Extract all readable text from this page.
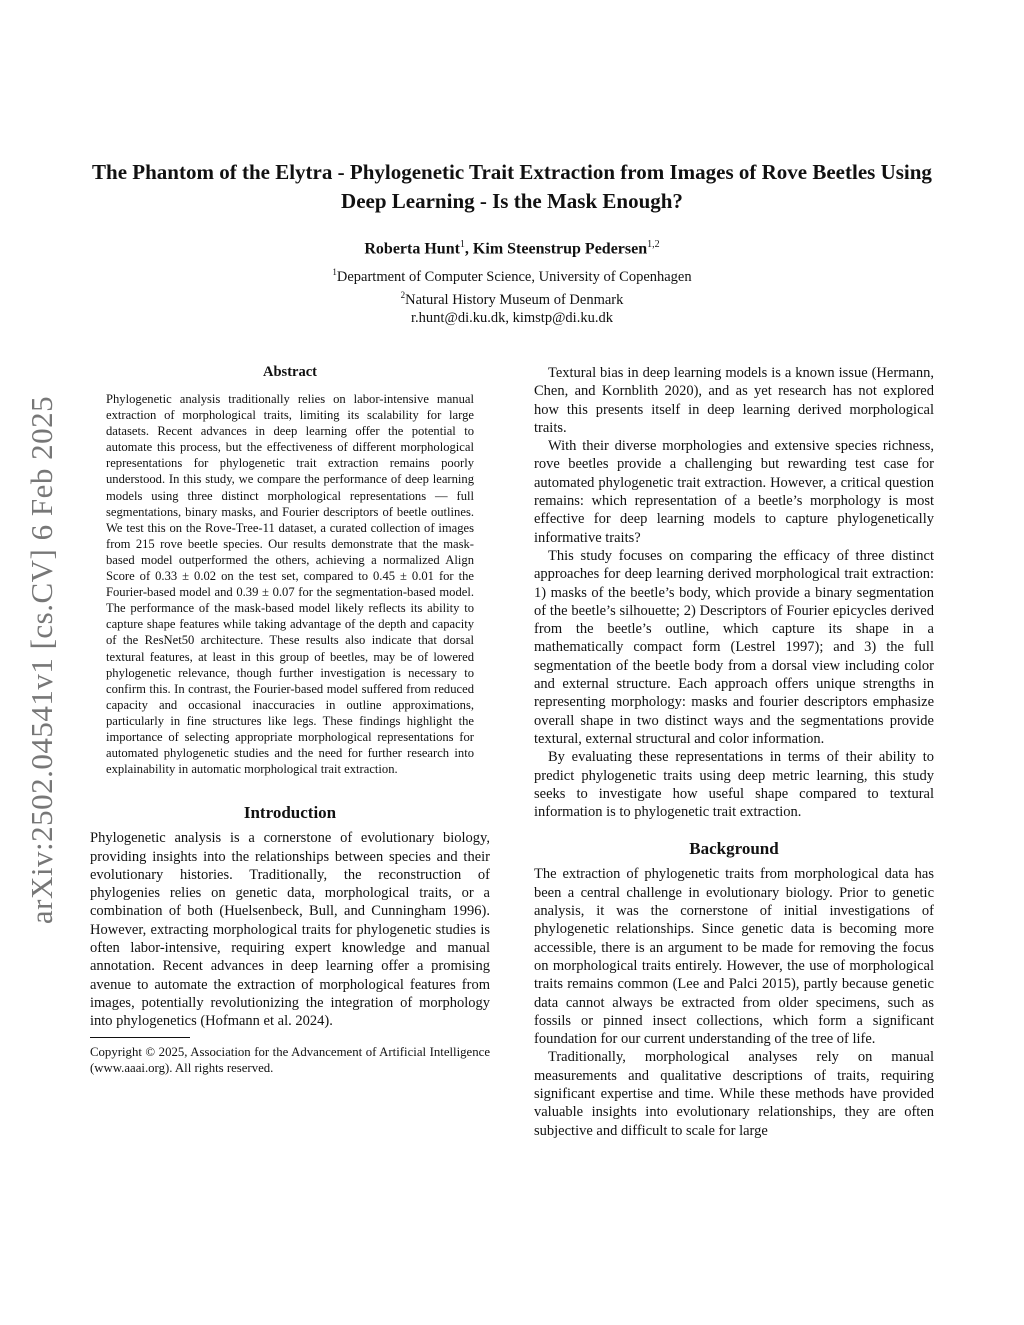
arXiv:2502.04541v1 [cs.CV] 6 Feb 2025
The Phantom of the Elytra - Phylogenetic Trait Extraction from Images of Rove Beetles Using Deep Learning - Is the Mask Enough?
Roberta Hunt$^1$, Kim Steenstrup Pedersen$^{1,2}$
$^1$Department of Computer Science, University of Copenhagen
$^2$Natural History Museum of Denmark
r.hunt@di.ku.dk, kimstp@di.ku.dk
Abstract

Phylogenetic analysis traditionally relies on labor-intensive manual extraction of morphological traits, limiting its scalability for large datasets. Recent advances in deep learning offer the potential to automate this process, but the effectiveness of different morphological representations for phylogenetic trait extraction remains poorly understood. In this study, we compare the performance of deep learning models using three distinct morphological representations — full segmentations, binary masks, and Fourier descriptors of beetle outlines. We test this on the Rove-Tree-11 dataset, a curated collection of images from 215 rove beetle species. Our results demonstrate that the mask-based model outperformed the others, achieving a normalized Align Score of 0.33 ± 0.02 on the test set, compared to 0.45 ± 0.01 for the Fourier-based model and 0.39 ± 0.07 for the segmentation-based model. The performance of the mask-based model likely reflects its ability to capture shape features while taking advantage of the depth and capacity of the ResNet50 architecture. These results also indicate that dorsal textural features, at least in this group of beetles, may be of lowered phylogenetic relevance, though further investigation is necessary to confirm this. In contrast, the Fourier-based model suffered from reduced capacity and occasional inaccuracies in outline approximations, particularly in fine structures like legs. These findings highlight the importance of selecting appropriate morphological representations for automated phylogenetic studies and the need for further research into explainability in automatic morphological trait extraction.

Introduction

Phylogenetic analysis is a cornerstone of evolutionary biology, providing insights into the relationships between species and their evolutionary histories. Traditionally, the reconstruction of phylogenies relies on genetic data, morphological traits, or a combination of both (Huelsenbeck, Bull, and Cunningham 1996). However, extracting morphological traits for phylogenetic studies is often labor-intensive, requiring expert knowledge and manual annotation. Recent advances in deep learning offer a promising avenue to automate the extraction of morphological features from images, potentially revolutionizing the integration of morphology into phylogenetics (Hofmann et al. 2024).

Copyright © 2025, Association for the Advancement of Artificial Intelligence (www.aaai.org). All rights reserved.

Textural bias in deep learning models is a known issue (Hermann, Chen, and Kornblith 2020), and as yet research has not explored how this presents itself in deep learning derived morphological traits.

With their diverse morphologies and extensive species richness, rove beetles provide a challenging but rewarding test case for automated phylogenetic trait extraction. However, a critical question remains: which representation of a beetle’s morphology is most effective for deep learning models to capture phylogenetically informative traits?

This study focuses on comparing the efficacy of three distinct approaches for deep learning derived morphological trait extraction: 1) masks of the beetle’s body, which provide a binary segmentation of the beetle’s silhouette; 2) Descriptors of Fourier epicycles derived from the beetle’s outline, which capture its shape in a mathematically compact form (Lestrel 1997); and 3) the full segmentation of the beetle body from a dorsal view including color and external structure. Each approach offers unique strengths in representing morphology: masks and fourier descriptors emphasize overall shape in two distinct ways and the segmentations provide textural, external structural and color information.

By evaluating these representations in terms of their ability to predict phylogenetic traits using deep metric learning, this study seeks to investigate how useful shape compared to textural information is to phylogenetic trait extraction.

Background

The extraction of phylogenetic traits from morphological data has been a central challenge in evolutionary biology. Prior to genetic analysis, it was the cornerstone of initial investigations of phylogenetic relationships. Since genetic data is becoming more accessible, there is an argument to be made for removing the focus on morphological traits entirely. However, the use of morphological traits remains common (Lee and Palci 2015), partly because genetic data cannot always be extracted from older specimens, such as fossils or pinned insect collections, which form a significant foundation for our current understanding of the tree of life.

Traditionally, morphological analyses rely on manual measurements and qualitative descriptions of traits, requiring significant expertise and time. While these methods have provided valuable insights into evolutionary relationships, they are often subjective and difficult to scale for large
